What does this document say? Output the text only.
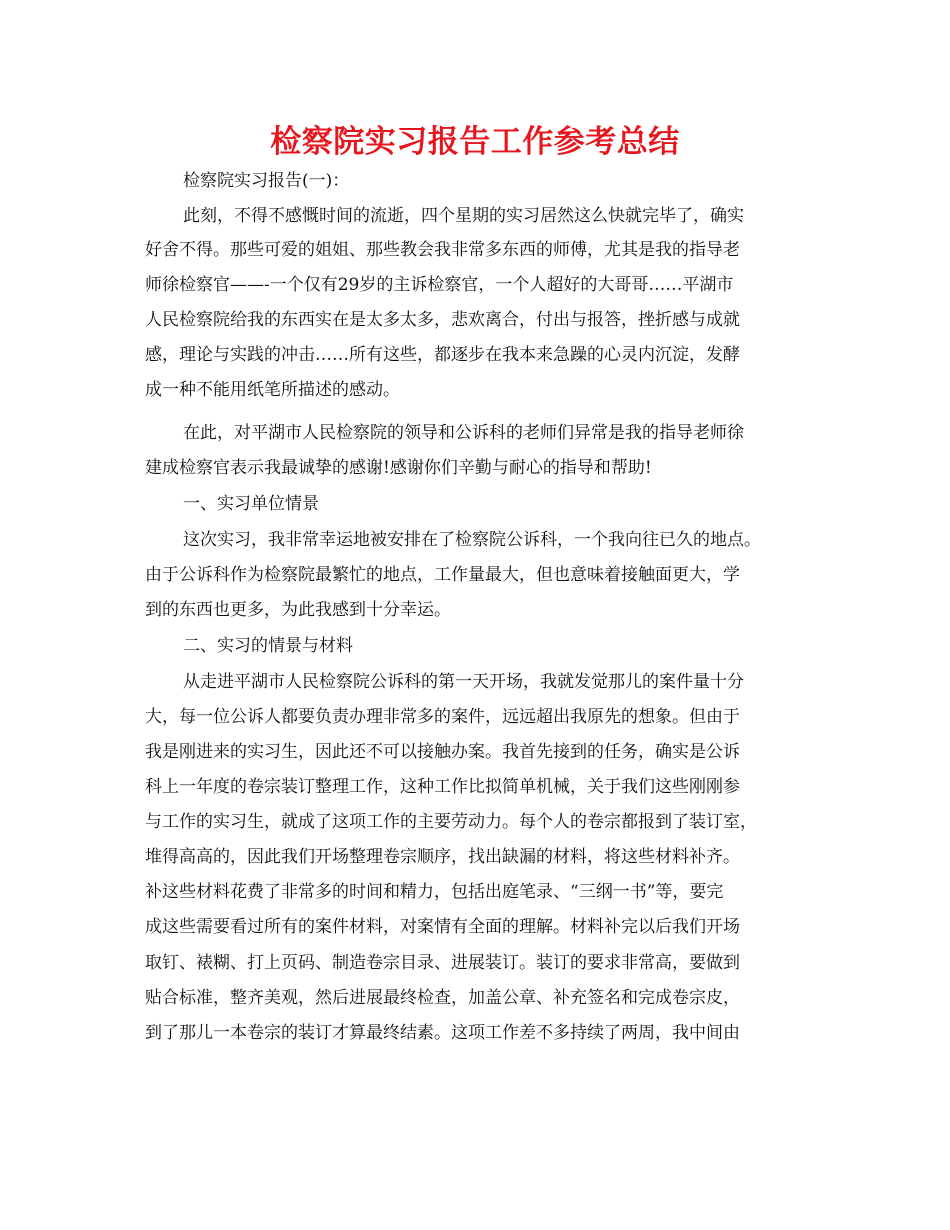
检察院实习报告工作参考总结

检察院实习报告(一)：

此刻，不得不感慨时间的流逝，四个星期的实习居然这么快就完毕了，确实

好舍不得。那些可爱的姐姐、那些教会我非常多东西的师傅，尤其是我的指导老

师徐检察官——-一个仅有29岁的主诉检察官，一个人超好的大哥哥……平湖市

人民检察院给我的东西实在是太多太多，悲欢离合，付出与报答，挫折感与成就

感，理论与实践的冲击……所有这些，都逐步在我本来急躁的心灵内沉淀，发酵

成一种不能用纸笔所描述的感动。

在此，对平湖市人民检察院的领导和公诉科的老师们异常是我的指导老师徐

建成检察官表示我最诚挚的感谢!感谢你们辛勤与耐心的指导和帮助!

一、实习单位情景

这次实习，我非常幸运地被安排在了检察院公诉科，一个我向往已久的地点。

由于公诉科作为检察院最繁忙的地点，工作量最大，但也意味着接触面更大，学

到的东西也更多，为此我感到十分幸运。

二、实习的情景与材料

从走进平湖市人民检察院公诉科的第一天开场，我就发觉那儿的案件量十分

大，每一位公诉人都要负责办理非常多的案件，远远超出我原先的想象。但由于

我是刚进来的实习生，因此还不可以接触办案。我首先接到的任务，确实是公诉

科上一年度的卷宗装订整理工作，这种工作比拟简单机械，关于我们这些刚刚参

与工作的实习生，就成了这项工作的主要劳动力。每个人的卷宗都报到了装订室，

堆得高高的，因此我们开场整理卷宗顺序，找出缺漏的材料，将这些材料补齐。

补这些材料花费了非常多的时间和精力，包括出庭笔录、“三纲一书”等，要完

成这些需要看过所有的案件材料，对案情有全面的理解。材料补完以后我们开场

取钉、裱糊、打上页码、制造卷宗目录、进展装订。装订的要求非常高，要做到

贴合标准，整齐美观，然后进展最终检查，加盖公章、补充签名和完成卷宗皮，

到了那儿一本卷宗的装订才算最终结素。这项工作差不多持续了两周，我中间由
